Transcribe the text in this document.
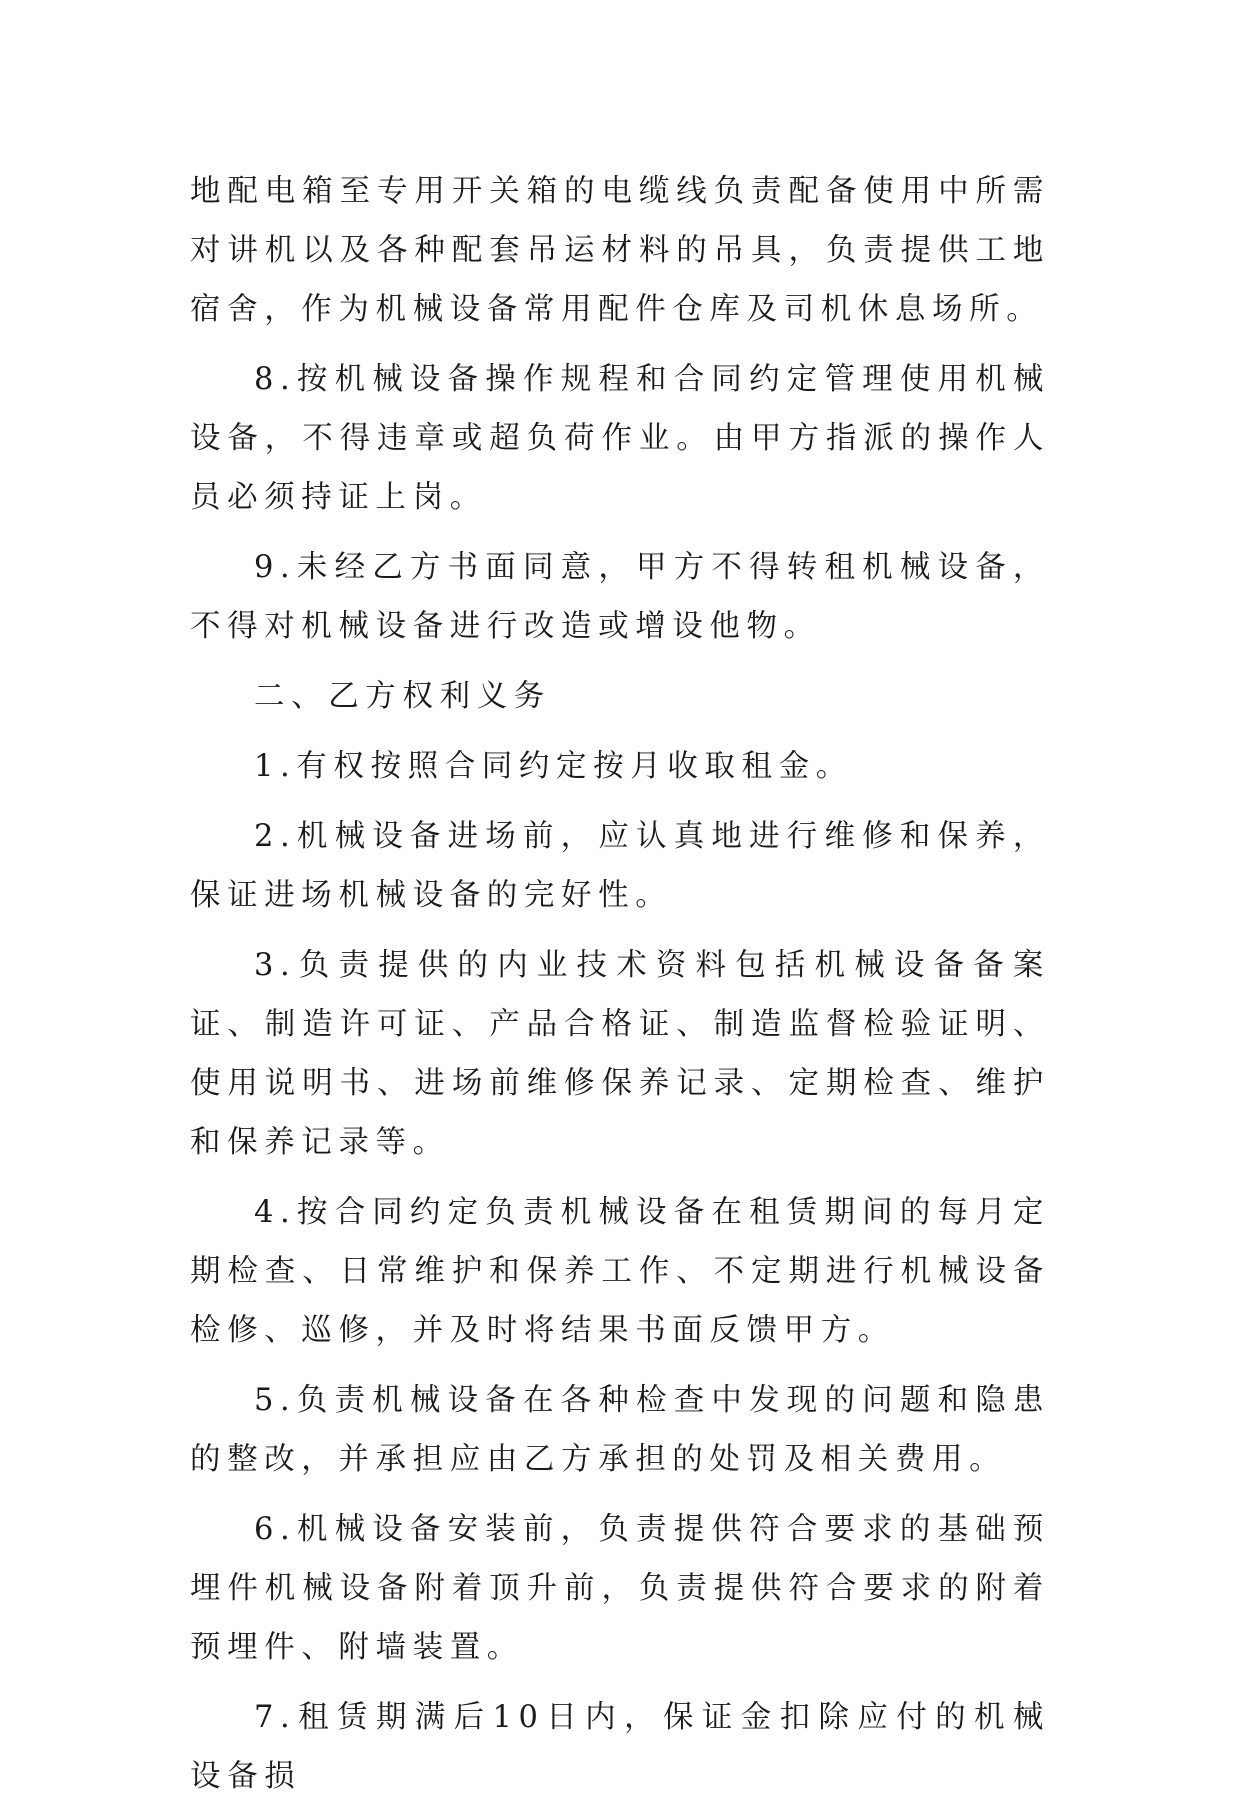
地配电箱至专用开关箱的电缆线负责配备使用中所需对讲机以及各种配套吊运材料的吊具，负责提供工地宿舍，作为机械设备常用配件仓库及司机休息场所。

8.按机械设备操作规程和合同约定管理使用机械设备，不得违章或超负荷作业。由甲方指派的操作人员必须持证上岗。

9.未经乙方书面同意，甲方不得转租机械设备，不得对机械设备进行改造或增设他物。

二、乙方权利义务

1.有权按照合同约定按月收取租金。

2.机械设备进场前，应认真地进行维修和保养，保证进场机械设备的完好性。

3.负责提供的内业技术资料包括机械设备备案证、制造许可证、产品合格证、制造监督检验证明、使用说明书、进场前维修保养记录、定期检查、维护和保养记录等。

4.按合同约定负责机械设备在租赁期间的每月定期检查、日常维护和保养工作、不定期进行机械设备检修、巡修，并及时将结果书面反馈甲方。

5.负责机械设备在各种检查中发现的问题和隐患的整改，并承担应由乙方承担的处罚及相关费用。

6.机械设备安装前，负责提供符合要求的基础预埋件机械设备附着顶升前，负责提供符合要求的附着预埋件、附墙装置。

7.租赁期满后10日内，保证金扣除应付的机械设备损
